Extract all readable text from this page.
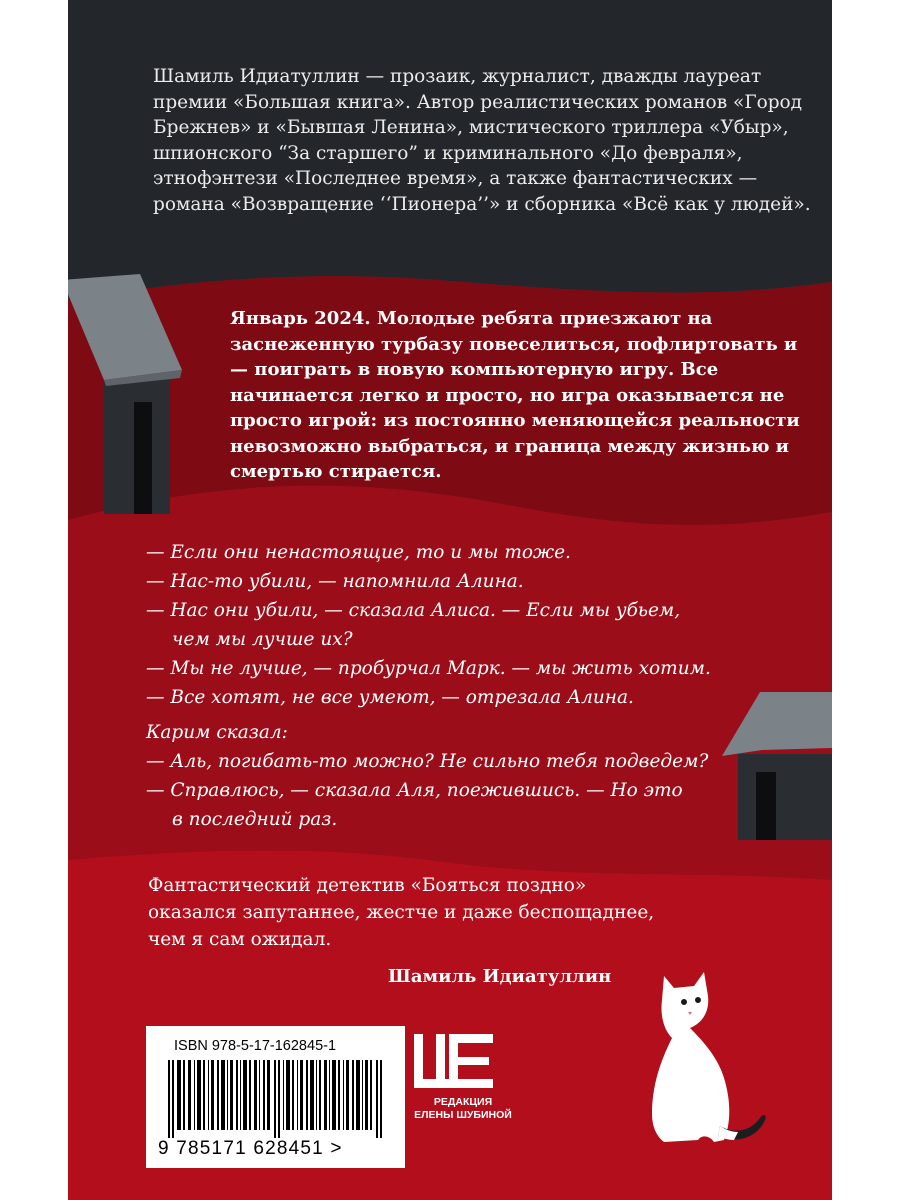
Шамиль Идиатуллин — прозаик, журналист, дважды лауреат премии «Большая книга». Автор реалистических романов «Город Брежнев» и «Бывшая Ленина», мистического триллера «Убыр», шпионского “За старшего” и криминального «До февраля», этнофэнтези «Последнее время», а также фантастических — романа «Возвращение ‘‘Пионера’’» и сборника «Всё как у людей».
Январь 2024. Молодые ребята приезжают на заснеженную турбазу повеселиться, пофлиртовать и — поиграть в новую компьютерную игру. Все начинается легко и просто, но игра оказывается не просто игрой: из постоянно меняющейся реальности невозможно выбраться, и граница между жизнью и смертью стирается.
— Если они ненастоящие, то и мы тоже.
— Нас-то убили, — напомнила Алина.
— Нас они убили, — сказала Алиса. — Если мы убьем,
чем мы лучше их?
— Мы не лучше, — пробурчал Марк. — мы жить хотим.
— Все хотят, не все умеют, — отрезала Алина.
Карим сказал:
— Аль, погибать-то можно? Не сильно тебя подведем?
— Справлюсь, — сказала Аля, поежившись. — Но это
в последний раз.
Фантастический детектив «Бояться поздно» оказался запутаннее, жестче и даже беспощаднее, чем я сам ожидал.
Шамиль Идиатуллин
ISBN 978-5-17-162845-1
9 785171 628451 >
РЕДАКЦИЯ
ЕЛЕНЫ ШУБИНОЙ
